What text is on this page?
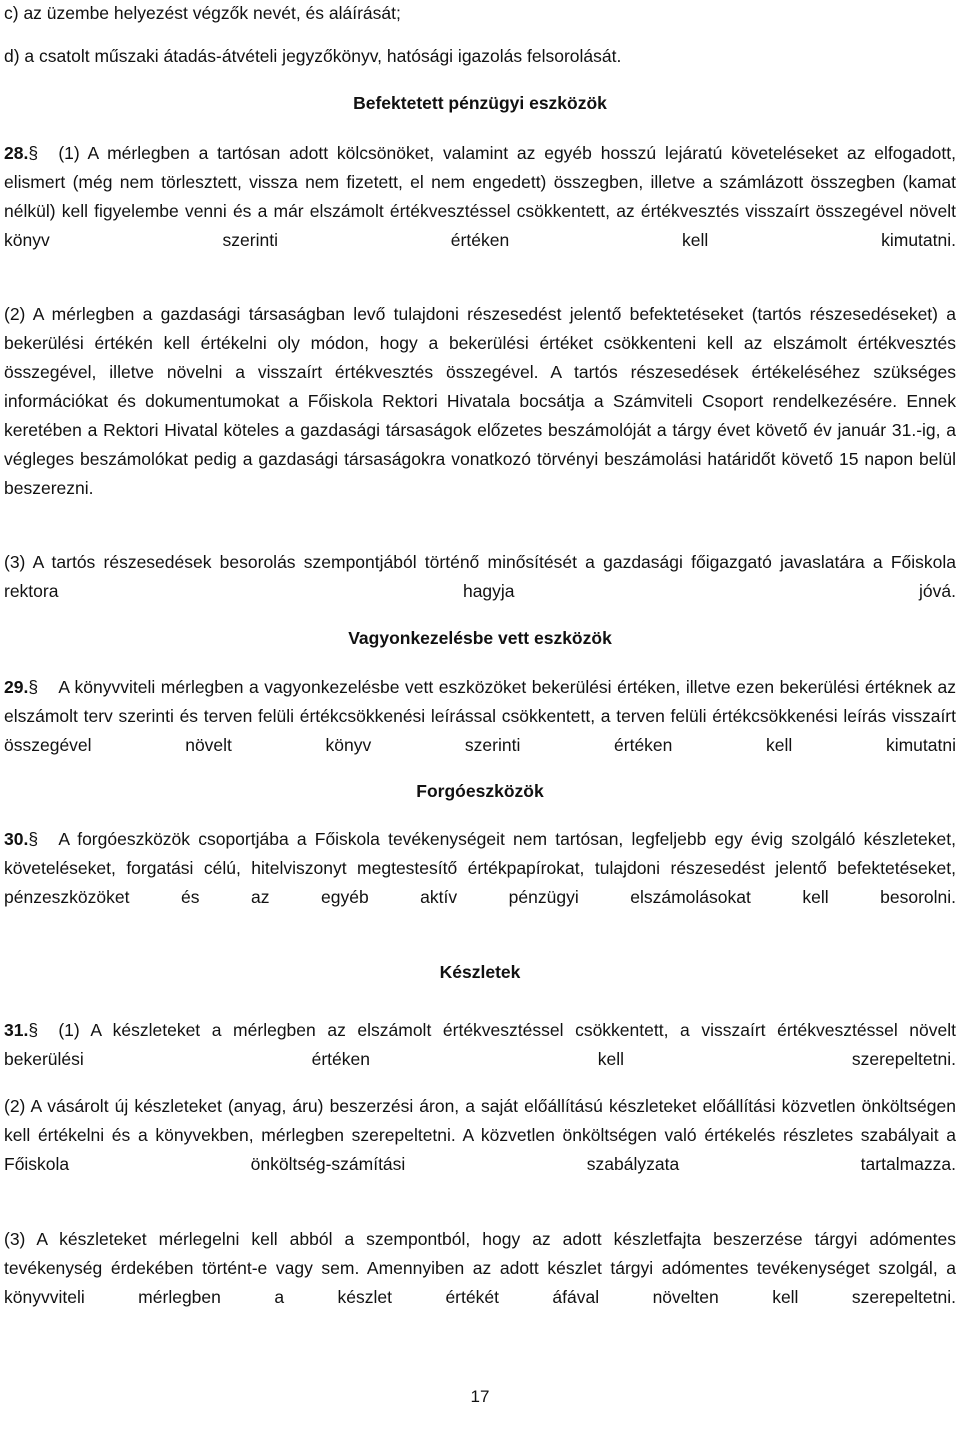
c) az üzembe helyezést végzők nevét, és aláírását;

d) a csatolt műszaki átadás-átvételi jegyzőkönyv, hatósági igazolás felsorolását.

Befektetett pénzügyi eszközök

28.§ (1) A mérlegben a tartósan adott kölcsönöket, valamint az egyéb hosszú lejáratú követeléseket az elfogadott, elismert (még nem törlesztett, vissza nem fizetett, el nem engedett) összegben, illetve a számlázott összegben (kamat nélkül) kell figyelembe venni és a már elszámolt értékvesztéssel csökkentett, az értékvesztés visszaírt összegével növelt könyv szerinti értéken kell kimutatni.

(2) A mérlegben a gazdasági társaságban levő tulajdoni részesedést jelentő befektetéseket (tartós részesedéseket) a bekerülési értékén kell értékelni oly módon, hogy a bekerülési értéket csökkenteni kell az elszámolt értékvesztés összegével, illetve növelni a visszaírt értékvesztés összegével. A tartós részesedések értékeléséhez szükséges információkat és dokumentumokat a Főiskola Rektori Hivatala bocsátja a Számviteli Csoport rendelkezésére. Ennek keretében a Rektori Hivatal köteles a gazdasági társaságok előzetes beszámolóját a tárgy évet követő év január 31.-ig, a végleges beszámolókat pedig a gazdasági társaságokra vonatkozó törvényi beszámolási határidőt követő 15 napon belül beszerezni.

(3) A tartós részesedések besorolás szempontjából történő minősítését a gazdasági főigazgató javaslatára a Főiskola rektora hagyja jóvá.

Vagyonkezelésbe vett eszközök

29.§ A könyvviteli mérlegben a vagyonkezelésbe vett eszközöket bekerülési értéken, illetve ezen bekerülési értéknek az elszámolt terv szerinti és terven felüli értékcsökkenési leírással csökkentett, a terven felüli értékcsökkenési leírás visszaírt összegével növelt könyv szerinti értéken kell kimutatni

Forgóeszközök

30.§ A forgóeszközök csoportjába a Főiskola tevékenységeit nem tartósan, legfeljebb egy évig szolgáló készleteket, követeléseket, forgatási célú, hitelviszonyt megtestesítő értékpapírokat, tulajdoni részesedést jelentő befektetéseket, pénzeszközöket és az egyéb aktív pénzügyi elszámolásokat kell besorolni.

Készletek

31.§ (1) A készleteket a mérlegben az elszámolt értékvesztéssel csökkentett, a visszaírt értékvesztéssel növelt bekerülési értéken kell szerepeltetni.

(2) A vásárolt új készleteket (anyag, áru) beszerzési áron, a saját előállítású készleteket előállítási közvetlen önköltségen kell értékelni és a könyvekben, mérlegben szerepeltetni. A közvetlen önköltségen való értékelés részletes szabályait a Főiskola önköltség-számítási szabályzata tartalmazza.

(3) A készleteket mérlegelni kell abból a szempontból, hogy az adott készletfajta beszerzése tárgyi adómentes tevékenység érdekében történt-e vagy sem. Amennyiben az adott készlet tárgyi adómentes tevékenységet szolgál, a könyvviteli mérlegben a készlet értékét áfával növelten kell szerepeltetni.

17
